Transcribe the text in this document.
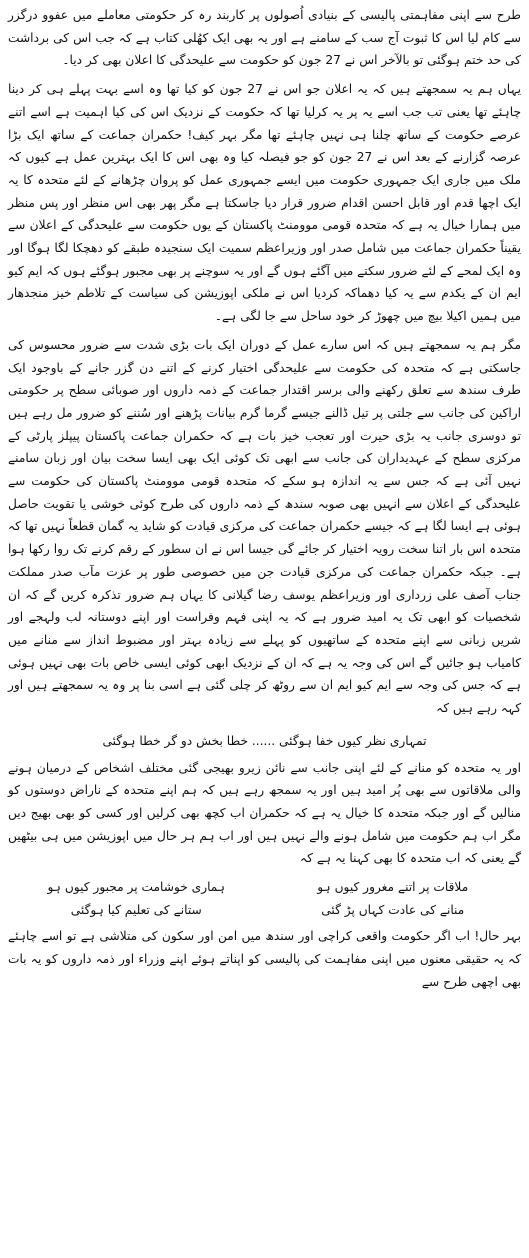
طرح سے اپنی مفاہمتی پالیسی کے بنیادی اُصولوں پر کاربند رہ کر حکومتی معاملے میں عفوو درگزر سے کام لیا اس کا ثبوت آج سب کے سامنے ہے اور یہ بھی ایک کھُلی کتاب ہے کہ جب اس کی برداشت کی حد ختم ہوگئی تو بالآخر اس نے 27 جون کو حکومت سے علیحدگی کا اعلان بھی کر دیا۔

یہاں ہم یہ سمجھتے ہیں کہ یہ اعلان جو اس نے 27 جون کو کیا تھا وہ اسے بہت پہلے ہی کر دینا چاہئے تھا یعنی تب جب اسے یہ پر یہ کرلیا تھا کہ حکومت کے نزدیک اس کی کیا اہمیت ہے اسے اتنے عرصے حکومت کے ساتھ چلنا ہی نہیں چاہئے تھا مگر بہر کیف! حکمران جماعت کے ساتھ ایک بڑا عرصہ گزارنے کے بعد اس نے 27 جون کو جو فیصلہ کیا وہ بھی اس کا ایک بہترین عمل ہے کیوں کہ ملک میں جاری ایک جمہوری حکومت میں ایسے جمہوری عمل کو پروان چڑھانے کے لئے متحدہ کا یہ ایک اچھا قدم اور قابل احسن اقدام ضرور قرار دیا جاسکتا ہے مگر پھر بھی اس منظر اور پس منظر میں ہمارا خیال یہ ہے کہ متحدہ قومی موومنٹ پاکستان کے یوں حکومت سے علیحدگی کے اعلان سے یقیناً حکمران جماعت میں شامل صدر اور وزیراعظم سمیت ایک سنجیدہ طبقے کو دھچکا لگا ہوگا اور وہ ایک لمحے کے لئے ضرور سکتے میں آگئے ہوں گے اور یہ سوچنے پر بھی مجبور ہوگئے ہوں کہ ایم کیو ایم ان کے یکدم سے یہ کیا دھماکہ کردیا اس نے ملکی اپوزیشن کی سیاست کے تلاطم خیز منجدھار میں ہمیں اکیلا بیچ میں چھوڑ کر خود ساحل سے جا لگی ہے۔

مگر ہم یہ سمجھتے ہیں کہ اس سارے عمل کے دوران ایک بات بڑی شدت سے ضرور محسوس کی جاسکتی ہے کہ متحدہ کی حکومت سے علیحدگی اختیار کرنے کے اتنے دن گزر جانے کے باوجود ایک طرف سندھ سے تعلق رکھنے والی برسر اقتدار جماعت کے ذمہ داروں اور صوبائی سطح پر حکومتی اراکین کی جانب سے جلتی پر تیل ڈالنے جیسے گرما گرم بیانات پڑھنے اور سُننے کو ضرور مل رہے ہیں تو دوسری جانب یہ بڑی حیرت اور تعجب خیز بات ہے کہ حکمران جماعت پاکستان پیپلز پارٹی کے مرکزی سطح کے عہدیداران کی جانب سے ابھی تک کوئی ایک بھی ایسا سخت بیان اور زبان سامنے نہیں آئی ہے کہ جس سے یہ اندازہ ہو سکے کہ متحدہ قومی موومنٹ پاکستان کی حکومت سے علیحدگی کے اعلان سے انہیں بھی صوبہ سندھ کے ذمہ داروں کی طرح کوئی خوشی یا تقویت حاصل ہوئی ہے ایسا لگا ہے کہ جیسے حکمران جماعت کی مرکزی قیادت کو شاید یہ گمان قطعاً نہیں تھا کہ متحدہ اس بار اتنا سخت رویہ اختیار کر جائے گی جیسا اس نے ان سطور کے رقم کرنے تک روا رکھا ہوا ہے۔ جبکہ حکمران جماعت کی مرکزی قیادت جن میں خصوصی طور پر عزت مآب صدر مملکت جناب آصف علی زرداری اور وزیراعظم یوسف رضا گیلانی کا یہاں ہم ضرور تذکرہ کریں گے کہ ان شخصیات کو ابھی تک یہ امید ضرور ہے کہ یہ اپنی فہم وفراست اور اپنے دوستانہ لب ولہجے اور شریں زبانی سے اپنے متحدہ کے ساتھیوں کو پہلے سے زیادہ بہتر اور مضبوط انداز سے منانے میں کامیاب ہو جائیں گے اس کی وجہ یہ ہے کہ ان کے نزدیک ابھی کوئی ایسی خاص بات بھی نہیں ہوئی ہے کہ جس کی وجہ سے ایم کیو ایم ان سے روٹھ کر چلی گئی ہے اسی بنا پر وہ یہ سمجھتے ہیں اور کہہ رہے ہیں کہ

تمہاری نظر کیوں خفا ہوگئی ...... خطا بخش دو گر خطا ہوگئی

اور یہ متحدہ کو منانے کے لئے اپنی جانب سے نائن زیرو بھیجی گئی مختلف اشخاص کے درمیان ہونے والی ملاقاتوں سے بھی پُر امید ہیں اور یہ سمجھ رہے ہیں کہ ہم اپنے متحدہ کے ناراض دوستوں کو منالیں گے اور جبکہ متحدہ کا خیال یہ ہے کہ حکمران اب کچھ بھی کرلیں اور کسی کو بھی بھیج دیں مگر اب ہم حکومت میں شامل ہونے والے نہیں ہیں اور اب ہم ہر حال میں اپوزیشن میں ہی بیٹھیں گے یعنی کہ اب متحدہ کا بھی کہنا یہ ہے کہ

ملاقات پر اتنے مغرور کیوں ہو
ہماری خوشامت پر مجبور کیوں ہو
منانے کی عادت کہاں پڑ گئی
ستانے کی تعلیم کیا ہوگئی

بہر حال! اب اگر حکومت واقعی کراچی اور سندھ میں امن اور سکون کی متلاشی ہے تو اسے چاہئے کہ یہ حقیقی معنوں میں اپنی مفاہمت کی پالیسی کو اپناتے ہوئے اپنے وزراء اور ذمہ داروں کو یہ بات بھی اچھی طرح سے
